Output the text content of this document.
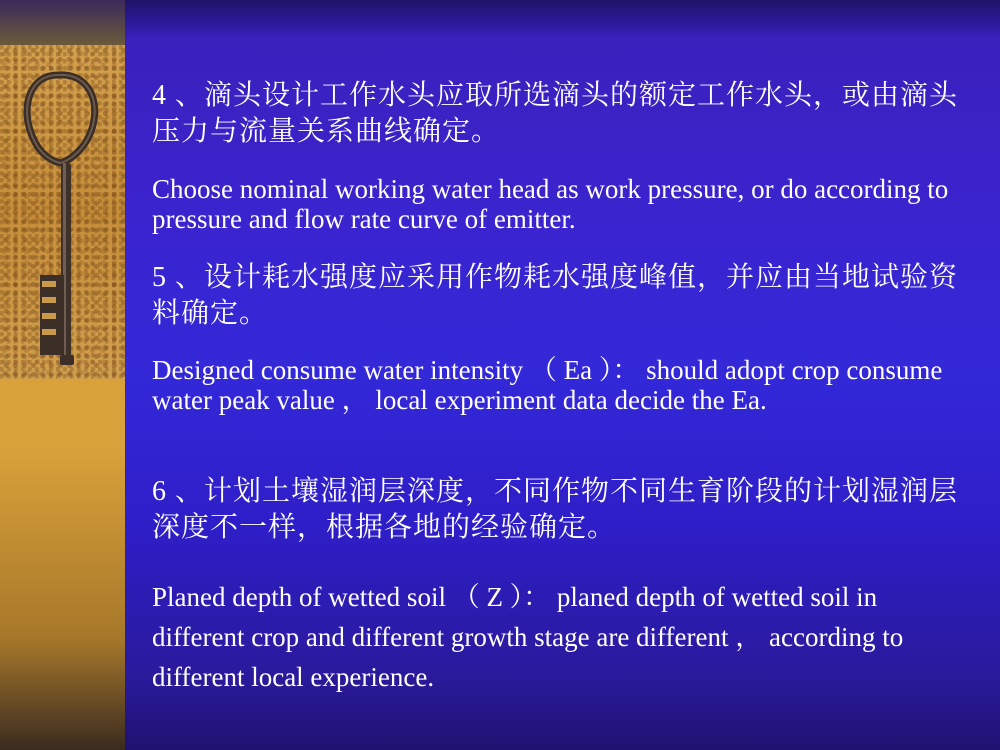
4 、滴头设计工作水头应取所选滴头的额定工作水头，或由滴头压力与流量关系曲线确定。
Choose nominal working water head as work pressure, or do according to pressure and flow rate curve of emitter.
5 、设计耗水强度应采用作物耗水强度峰值，并应由当地试验资料确定。
Designed consume water intensity （ Ea ）： should adopt crop consume water peak value ， local experiment data decide the Ea.
6 、计划土壤湿润层深度，不同作物不同生育阶段的计划湿润层深度不一样，根据各地的经验确定。
Planed depth of wetted soil （ Z ）： planed depth of wetted soil in different crop and different growth stage are different ， according to different local experience.
